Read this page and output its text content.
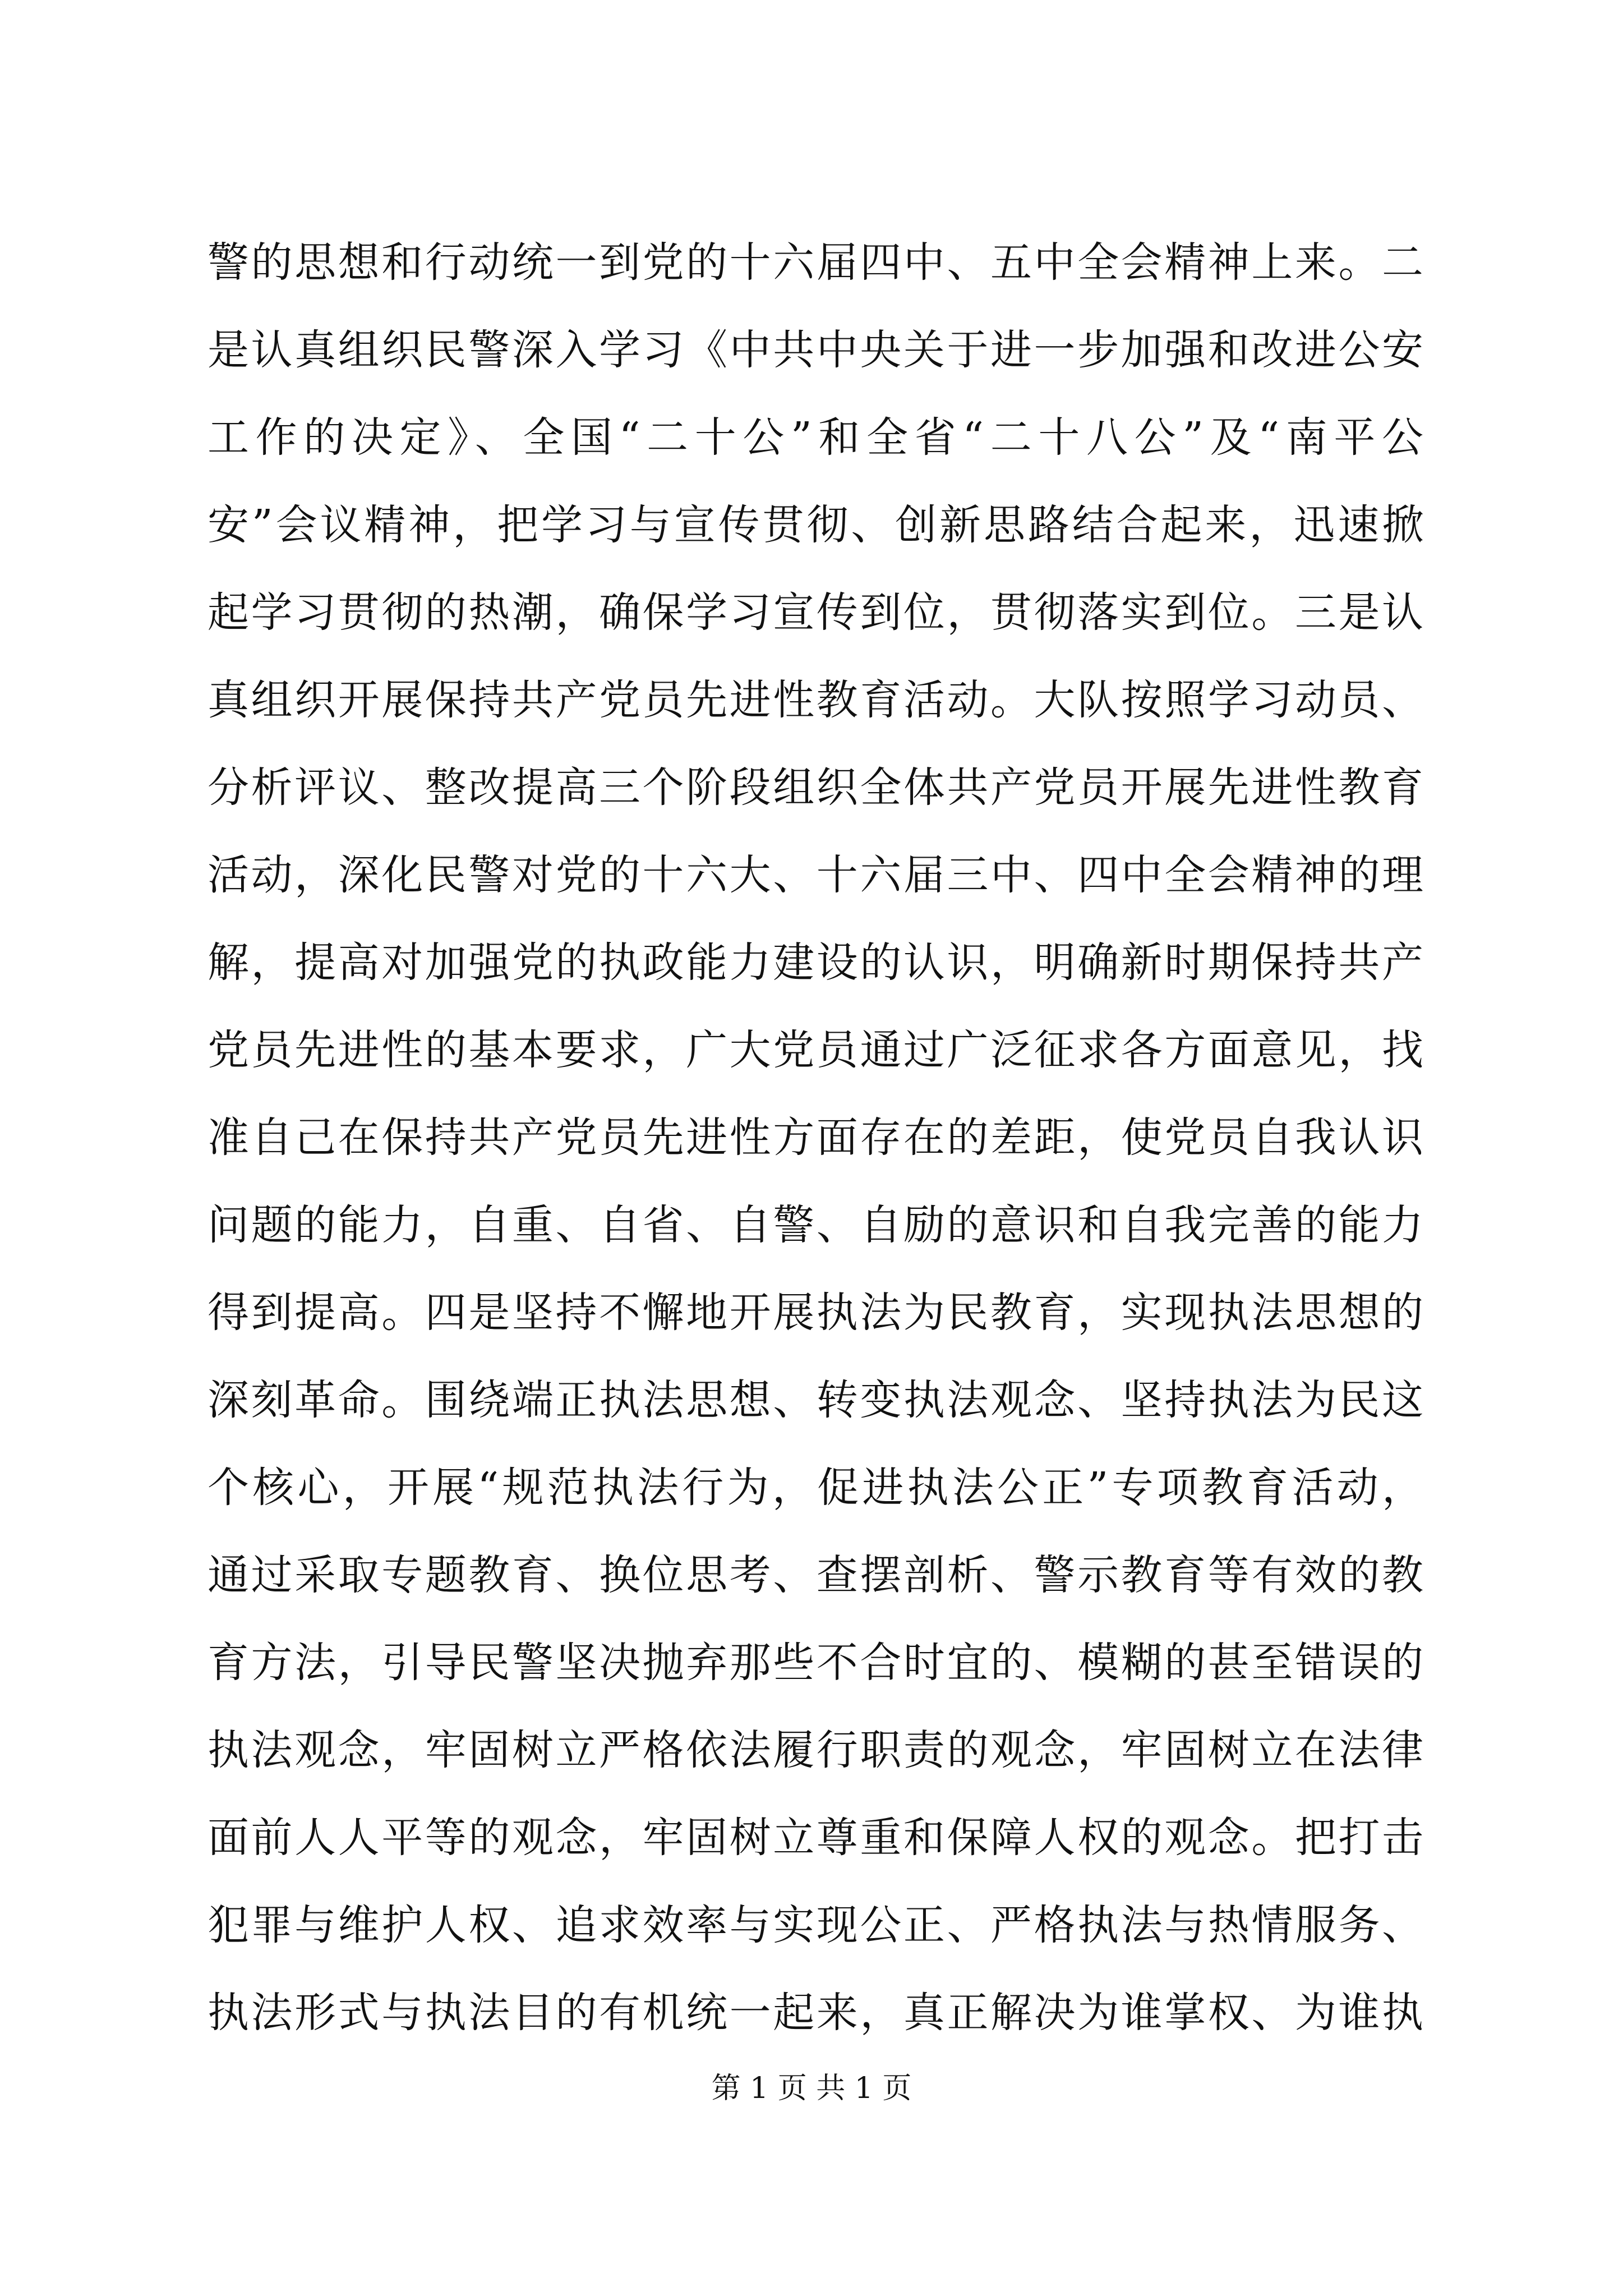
警的思想和行动统一到党的十六届四中、五中全会精神上来。二
是认真组织民警深入学习《中共中央关于进一步加强和改进公安
工作的决定》、全国“二十公”和全省“二十八公”及“南平公
安”会议精神，把学习与宣传贯彻、创新思路结合起来，迅速掀
起学习贯彻的热潮，确保学习宣传到位，贯彻落实到位。三是认
真组织开展保持共产党员先进性教育活动。大队按照学习动员、
分析评议、整改提高三个阶段组织全体共产党员开展先进性教育
活动，深化民警对党的十六大、十六届三中、四中全会精神的理
解，提高对加强党的执政能力建设的认识，明确新时期保持共产
党员先进性的基本要求，广大党员通过广泛征求各方面意见，找
准自己在保持共产党员先进性方面存在的差距，使党员自我认识
问题的能力，自重、自省、自警、自励的意识和自我完善的能力
得到提高。四是坚持不懈地开展执法为民教育，实现执法思想的
深刻革命。围绕端正执法思想、转变执法观念、坚持执法为民这
个核心，开展“规范执法行为，促进执法公正”专项教育活动，
通过采取专题教育、换位思考、查摆剖析、警示教育等有效的教
育方法，引导民警坚决抛弃那些不合时宜的、模糊的甚至错误的
执法观念，牢固树立严格依法履行职责的观念，牢固树立在法律
面前人人平等的观念，牢固树立尊重和保障人权的观念。把打击
犯罪与维护人权、追求效率与实现公正、严格执法与热情服务、
执法形式与执法目的有机统一起来，真正解决为谁掌权、为谁执
第 1 页 共 1 页
